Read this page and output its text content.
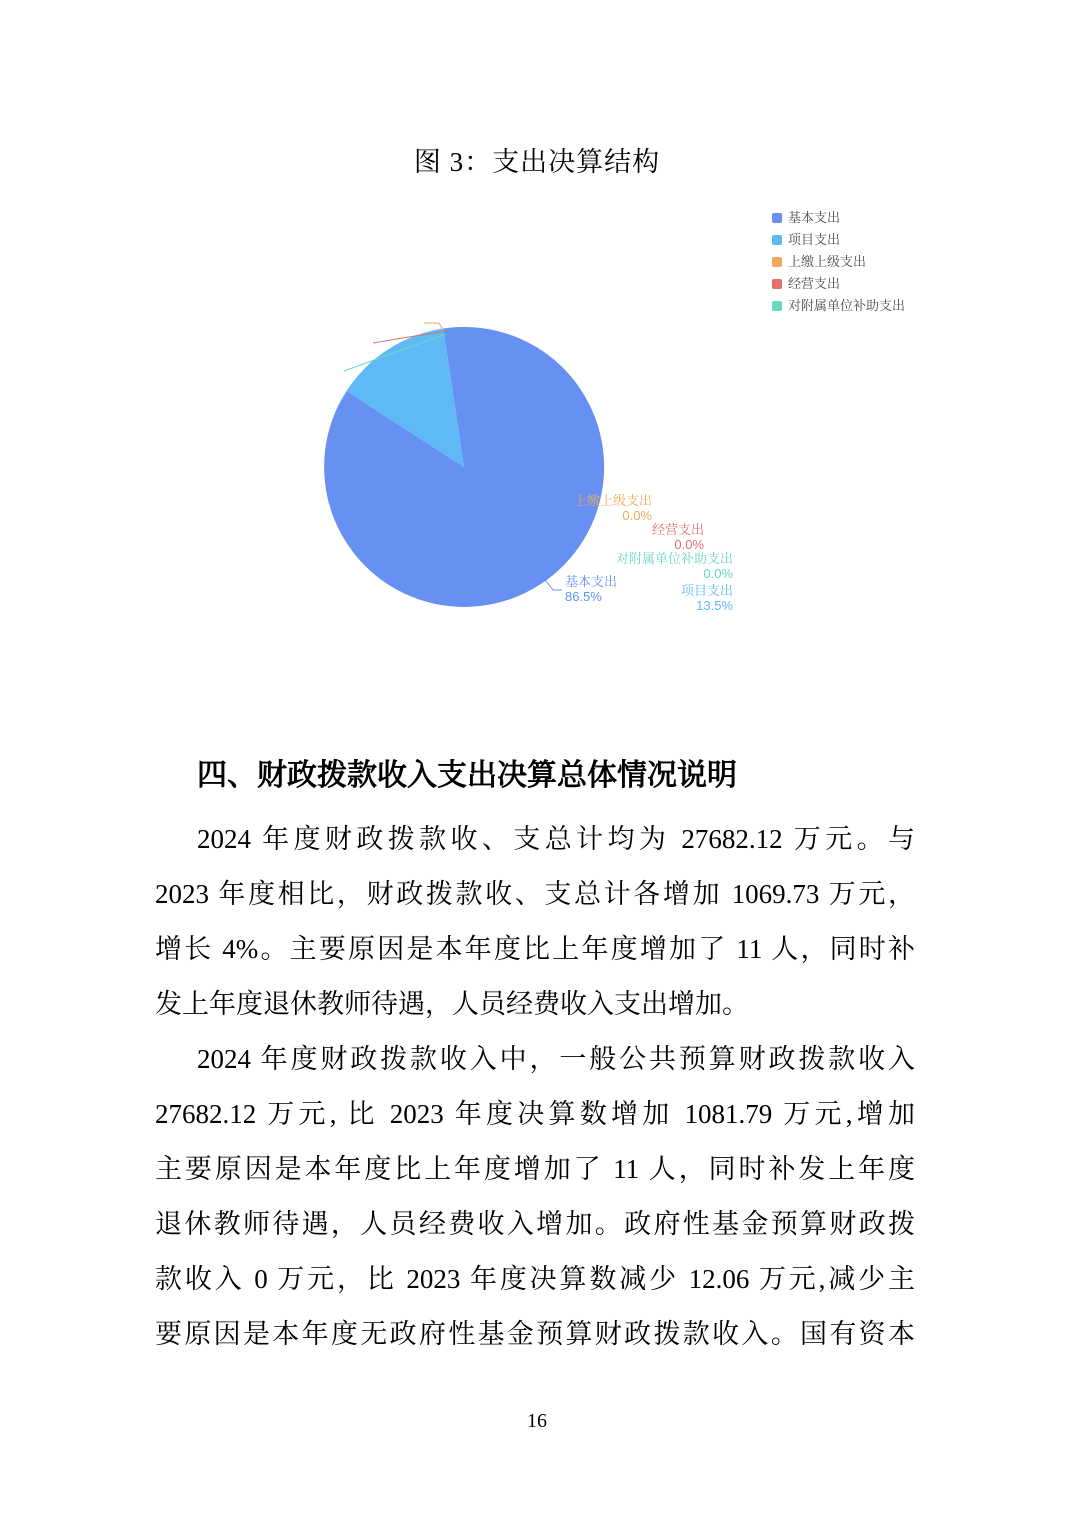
图 3：支出决算结构
基本支出
项目支出
上缴上级支出
经营支出
对附属单位补助支出
基本支出
86.5%	项目支出
13.5%
上缴上级支出
0.0%
经营支出
0.0%
对附属单位补助支出
0.0%
四、财政拨款收入支出决算总体情况说明
2024 年度财政拨款收、支总计均为 27682.12 万元。与
2023 年度相比，财政拨款收、支总计各增加 1069.73 万元，
增长 4%。主要原因是本年度比上年度增加了 11 人，同时补
发上年度退休教师待遇，人员经费收入支出增加。
2024 年度财政拨款收入中，一般公共预算财政拨款收入
27682.12 万元, 比 2023 年度决算数增加 1081.79 万元,增加
主要原因是本年度比上年度增加了 11 人，同时补发上年度
退休教师待遇，人员经费收入增加。政府性基金预算财政拨
款收入 0 万元，比 2023 年度决算数减少 12.06 万元,减少主
要原因是本年度无政府性基金预算财政拨款收入。国有资本
16
